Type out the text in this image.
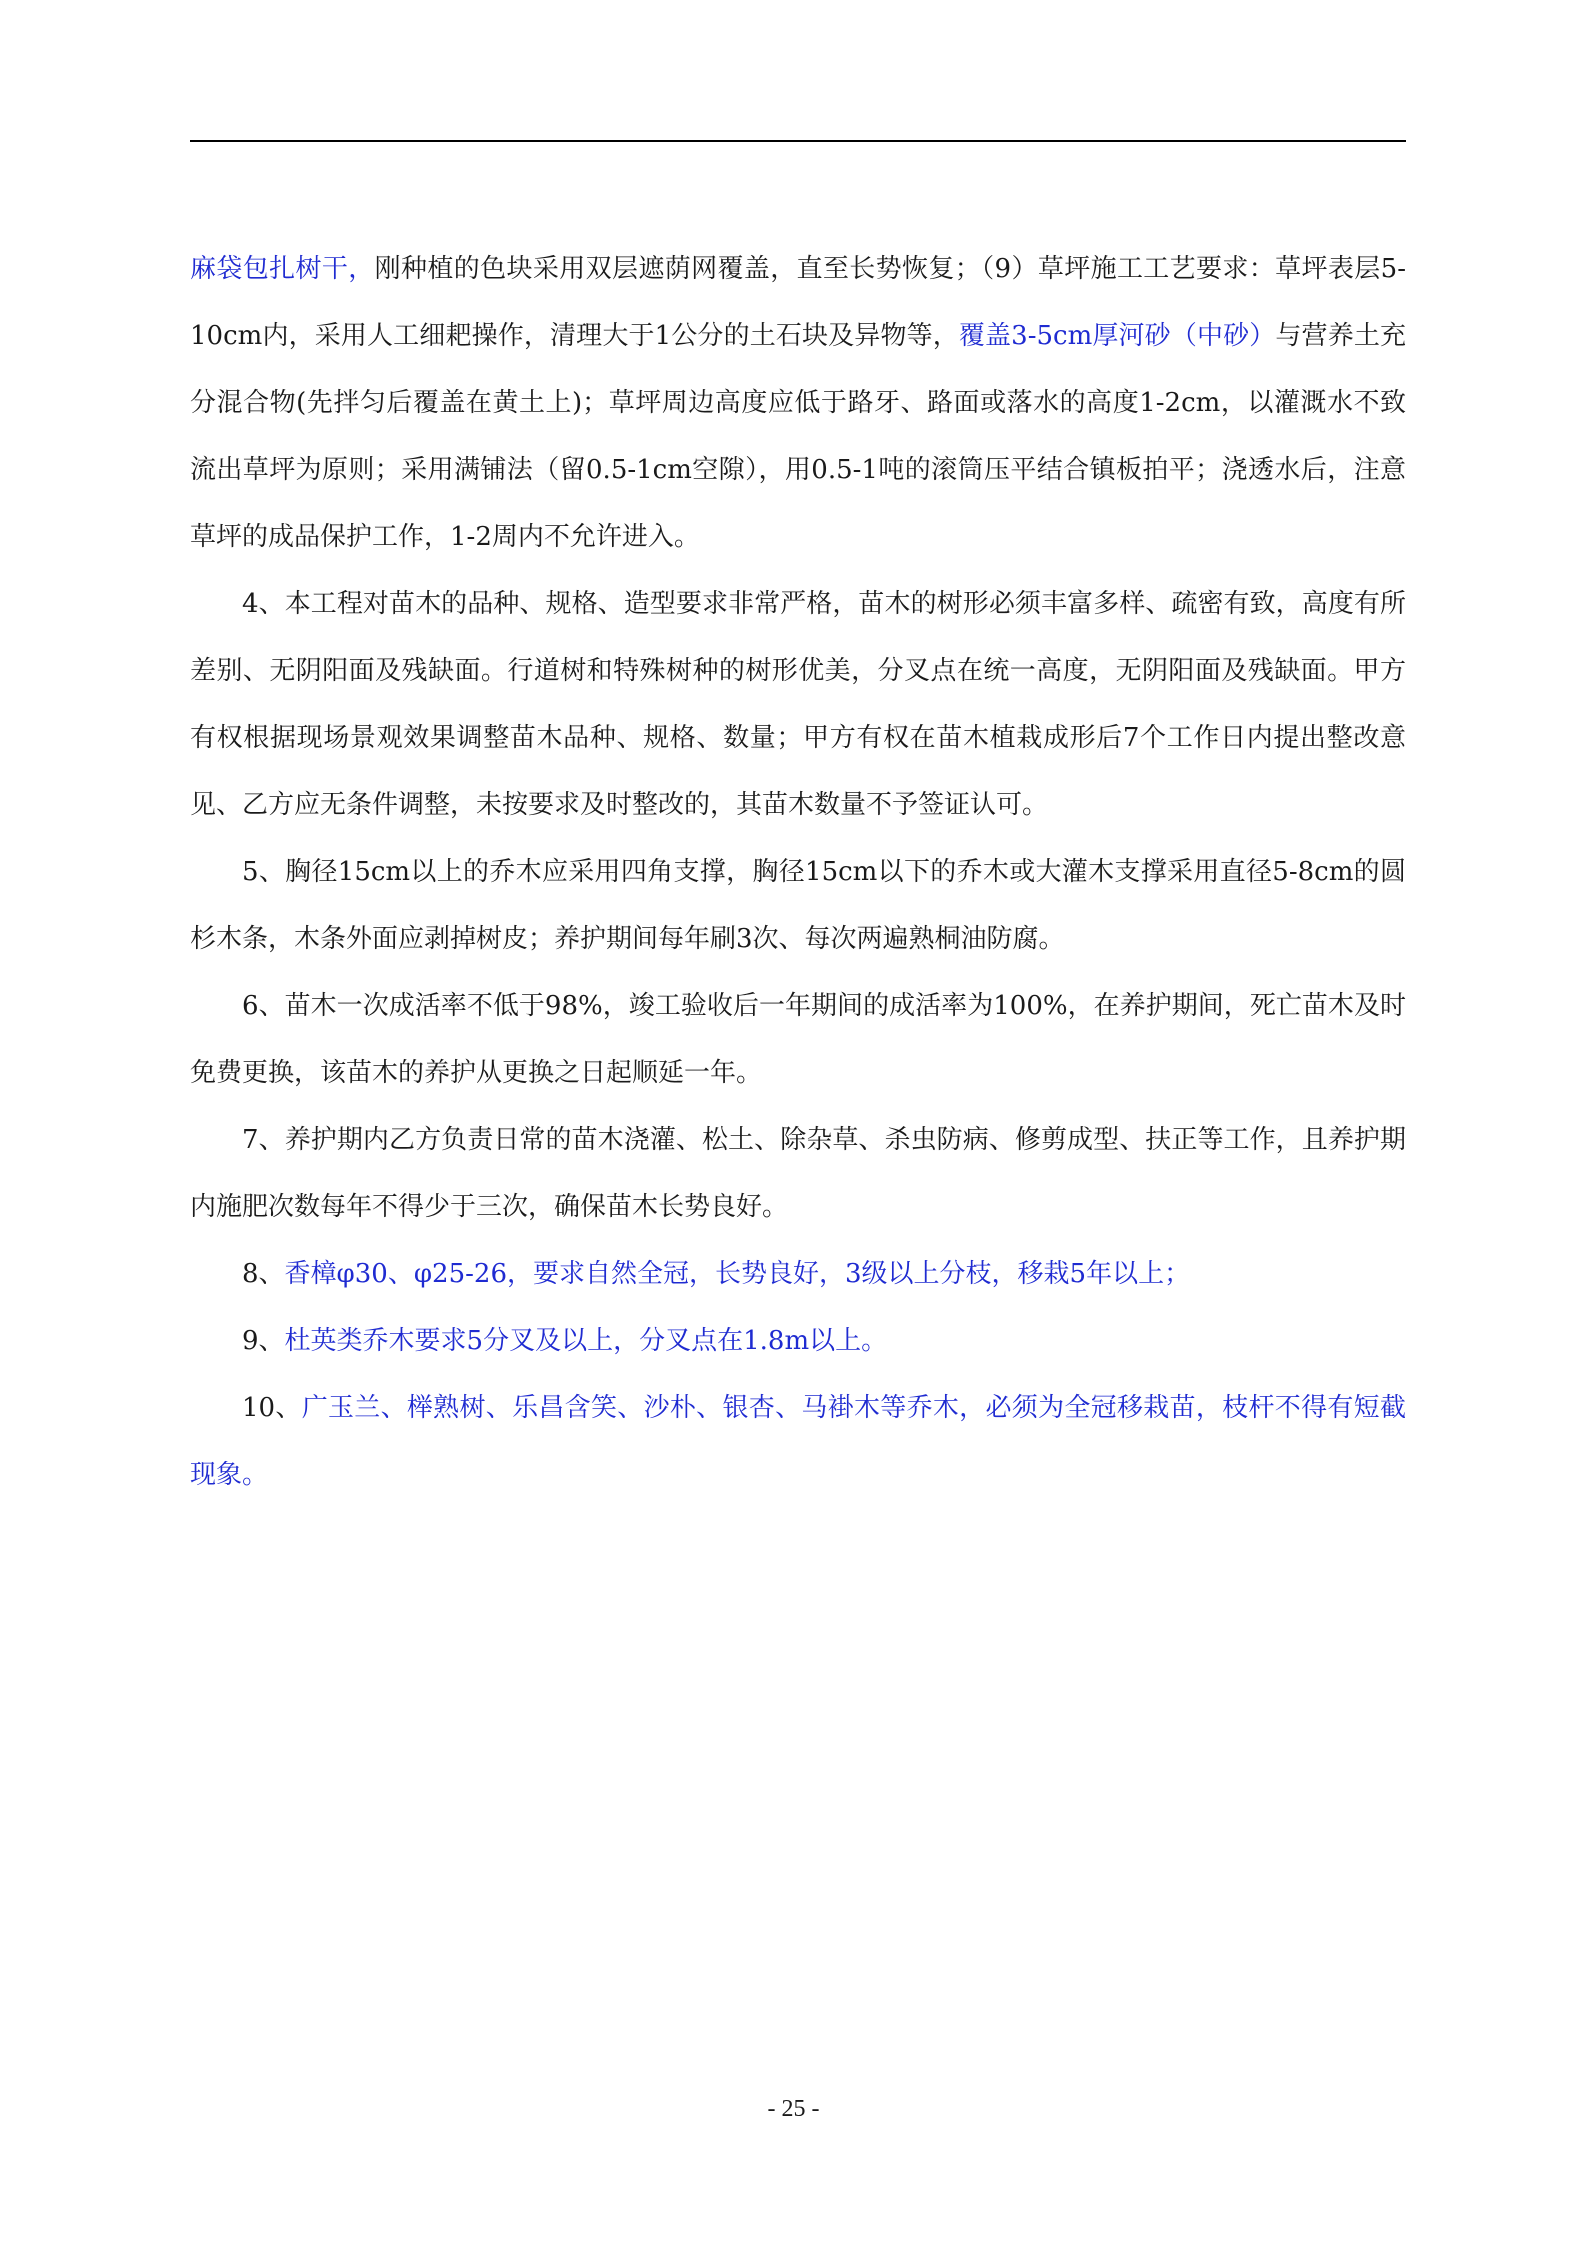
麻袋包扎树干，刚种植的色块采用双层遮荫网覆盖，直至长势恢复；（9）草坪施工工艺要求：草坪表层5-10cm内，采用人工细耙操作，清理大于1公分的土石块及异物等，覆盖3-5cm厚河砂（中砂）与营养土充分混合物(先拌匀后覆盖在黄土上)；草坪周边高度应低于路牙、路面或落水的高度1-2cm，以灌溉水不致流出草坪为原则；采用满铺法（留0.5-1cm空隙），用0.5-1吨的滚筒压平结合镇板拍平；浇透水后，注意草坪的成品保护工作，1-2周内不允许进入。

4、本工程对苗木的品种、规格、造型要求非常严格，苗木的树形必须丰富多样、疏密有致，高度有所差别、无阴阳面及残缺面。行道树和特殊树种的树形优美，分叉点在统一高度，无阴阳面及残缺面。甲方有权根据现场景观效果调整苗木品种、规格、数量；甲方有权在苗木植栽成形后7个工作日内提出整改意见、乙方应无条件调整，未按要求及时整改的，其苗木数量不予签证认可。

5、胸径15cm以上的乔木应采用四角支撑，胸径15cm以下的乔木或大灌木支撑采用直径5-8cm的圆杉木条，木条外面应剥掉树皮；养护期间每年刷3次、每次两遍熟桐油防腐。

6、苗木一次成活率不低于98%，竣工验收后一年期间的成活率为100%，在养护期间，死亡苗木及时免费更换，该苗木的养护从更换之日起顺延一年。

7、养护期内乙方负责日常的苗木浇灌、松土、除杂草、杀虫防病、修剪成型、扶正等工作，且养护期内施肥次数每年不得少于三次，确保苗木长势良好。

8、香樟φ30、φ25-26，要求自然全冠，长势良好，3级以上分枝，移栽5年以上；

9、杜英类乔木要求5分叉及以上，分叉点在1.8m以上。

10、广玉兰、榉熟树、乐昌含笑、沙朴、银杏、马褂木等乔木，必须为全冠移栽苗，枝杆不得有短截现象。

- 25 -
